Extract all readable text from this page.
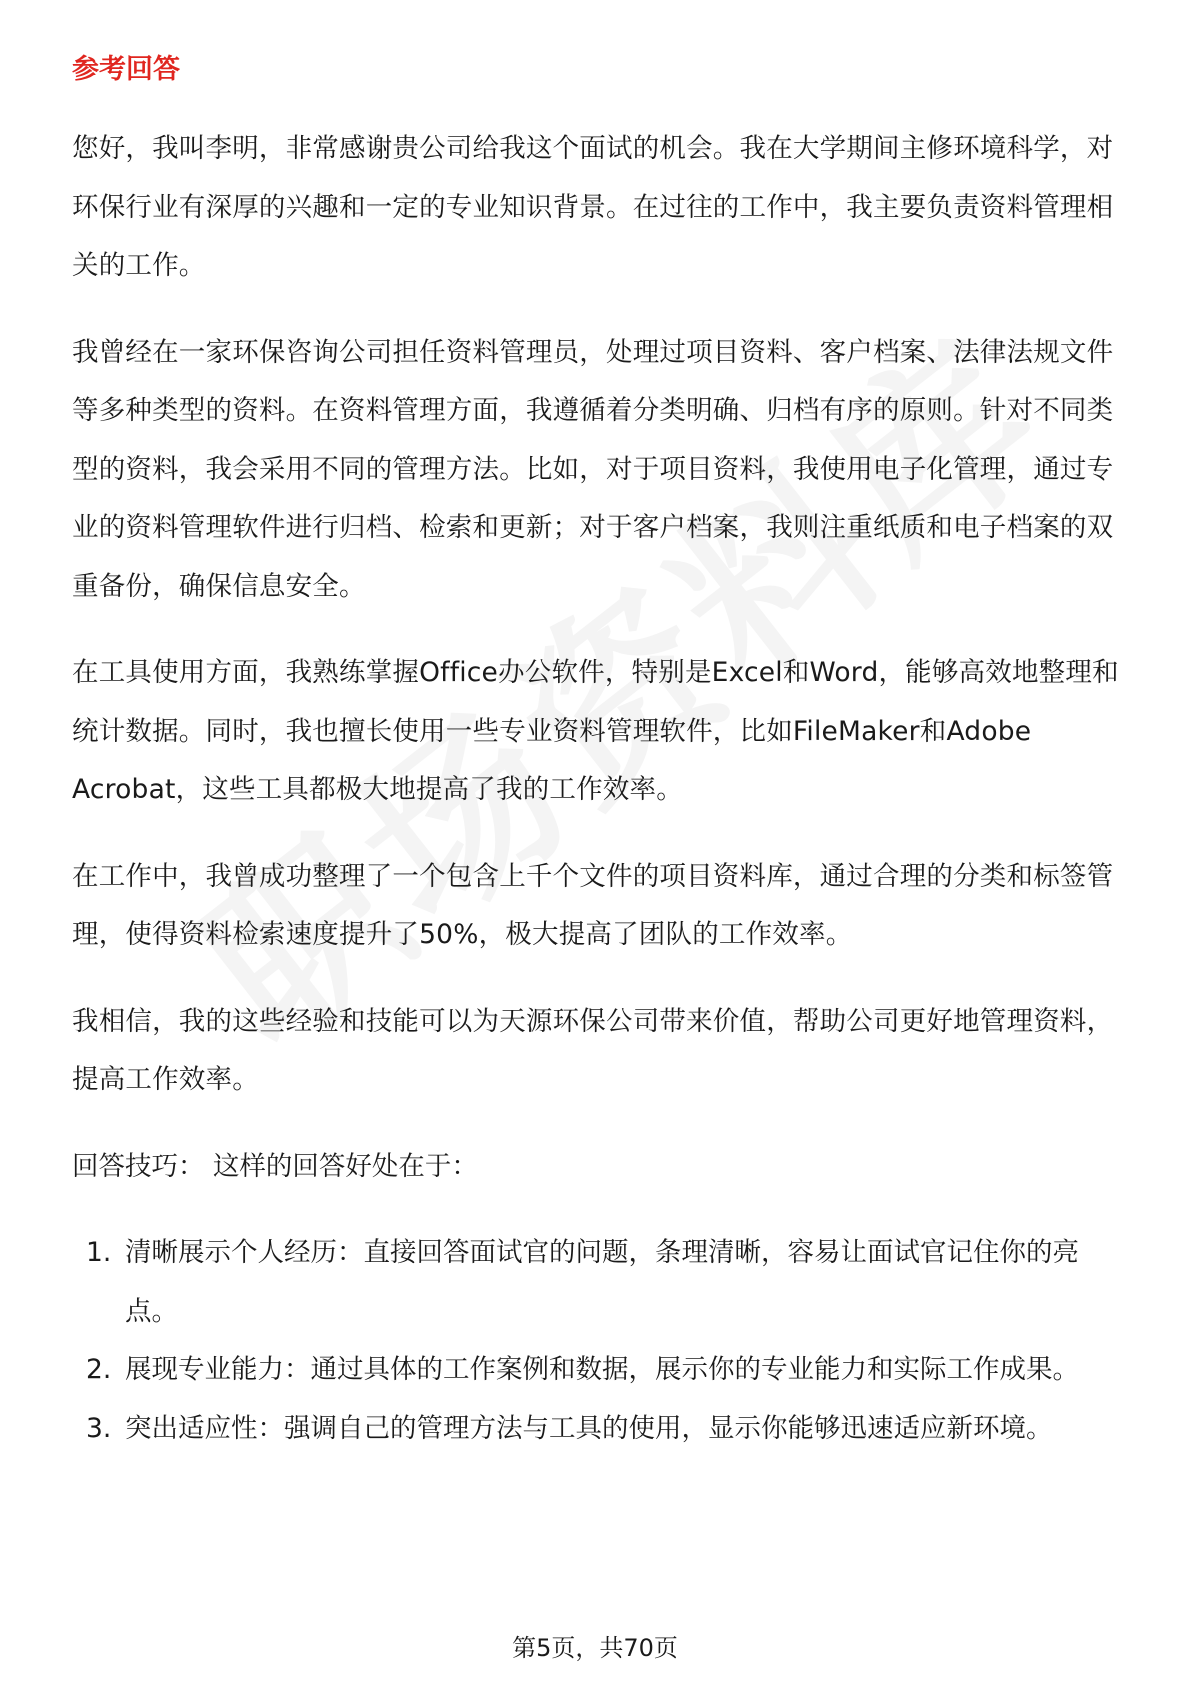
参考回答

您好，我叫李明，非常感谢贵公司给我这个面试的机会。我在大学期间主修环境科学，对环保行业有深厚的兴趣和一定的专业知识背景。在过往的工作中，我主要负责资料管理相关的工作。

我曾经在一家环保咨询公司担任资料管理员，处理过项目资料、客户档案、法律法规文件等多种类型的资料。在资料管理方面，我遵循着分类明确、归档有序的原则。针对不同类型的资料，我会采用不同的管理方法。比如，对于项目资料，我使用电子化管理，通过专业的资料管理软件进行归档、检索和更新；对于客户档案，我则注重纸质和电子档案的双重备份，确保信息安全。

在工具使用方面，我熟练掌握Office办公软件，特别是Excel和Word，能够高效地整理和统计数据。同时，我也擅长使用一些专业资料管理软件，比如FileMaker和Adobe Acrobat，这些工具都极大地提高了我的工作效率。

在工作中，我曾成功整理了一个包含上千个文件的项目资料库，通过合理的分类和标签管理，使得资料检索速度提升了50%，极大提高了团队的工作效率。

我相信，我的这些经验和技能可以为天源环保公司带来价值，帮助公司更好地管理资料，提高工作效率。

回答技巧： 这样的回答好处在于：

1. 清晰展示个人经历：直接回答面试官的问题，条理清晰，容易让面试官记住你的亮点。
2. 展现专业能力：通过具体的工作案例和数据，展示你的专业能力和实际工作成果。
3. 突出适应性：强调自己的管理方法与工具的使用，显示你能够迅速适应新环境。
第5页，共70页
